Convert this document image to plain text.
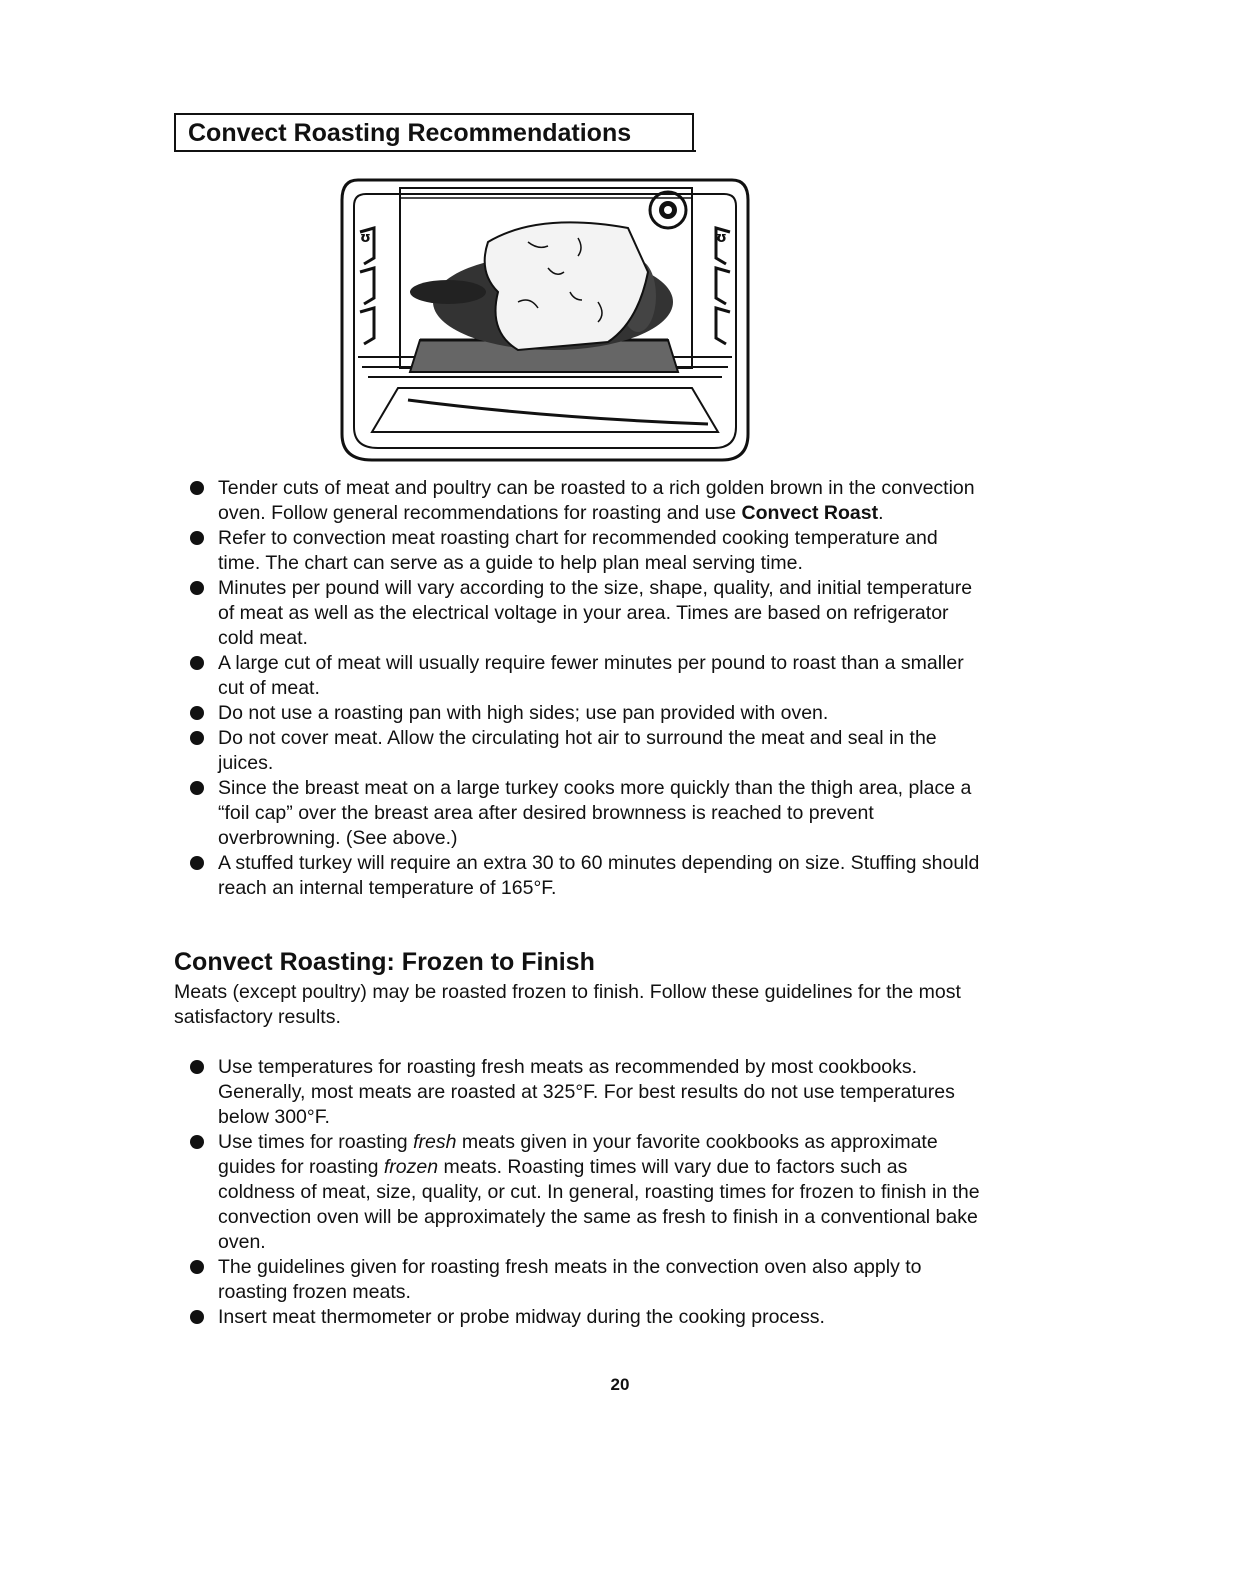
Convect Roasting Recommendations
ʊ	ʊ
Tender cuts of meat and poultry can be roasted to a rich golden brown in the convection oven. Follow general recommendations for roasting and use Convect Roast.
Refer to convection meat roasting chart for recommended cooking temperature and time. The chart can serve as a guide to help plan meal serving time.
Minutes per pound will vary according to the size, shape, quality, and initial temperature of meat as well as the electrical voltage in your area. Times are based on refrigerator cold meat.
A large cut of meat will usually require fewer minutes per pound to roast than a smaller cut of meat.
Do not use a roasting pan with high sides; use pan provided with oven.
Do not cover meat. Allow the circulating hot air to surround the meat and seal in the juices.
Since the breast meat on a large turkey cooks more quickly than the thigh area, place a “foil cap” over the breast area after desired brownness is reached to prevent overbrowning. (See above.)
A stuffed turkey will require an extra 30 to 60 minutes depending on size. Stuffing should reach an internal temperature of 165°F.
Convect Roasting: Frozen to Finish

Meats (except poultry) may be roasted frozen to finish. Follow these guidelines for the most satisfactory results.

Use temperatures for roasting fresh meats as recommended by most cookbooks. Generally, most meats are roasted at 325°F. For best results do not use temperatures below 300°F.
Use times for roasting fresh meats given in your favorite cookbooks as approximate guides for roasting frozen meats. Roasting times will vary due to factors such as coldness of meat, size, quality, or cut. In general, roasting times for frozen to finish in the convection oven will be approximately the same as fresh to finish in a conventional bake oven.
The guidelines given for roasting fresh meats in the convection oven also apply to roasting frozen meats.
Insert meat thermometer or probe midway during the cooking process.
20
